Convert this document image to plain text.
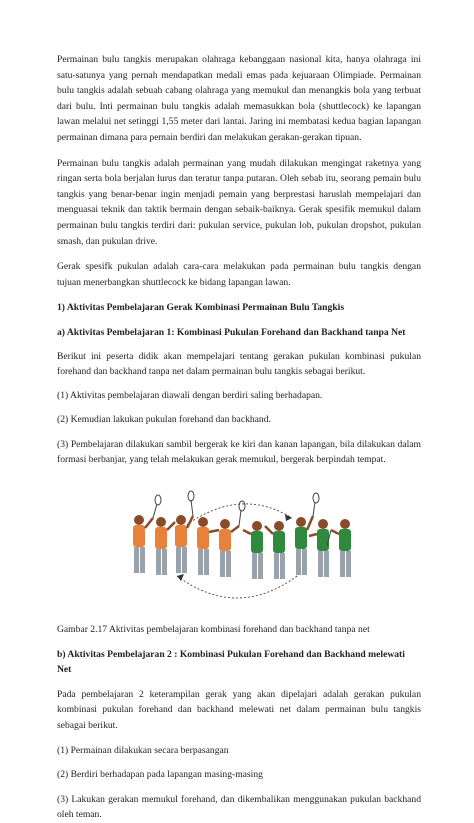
Permainan bulu tangkis merupakan olahraga kebanggaan nasional kita, hanya olahraga ini satu-satunya yang pernah mendapatkan medali emas pada kejuaraan Olimpiade. Permainan bulu tangkis adalah sebuah cabang olahraga yang memukul dan menangkis bola yang terbuat dari bulu. Inti permainan bulu tangkis adalah memasukkan bola (shuttlecock) ke lapangan lawan melalui net setinggi 1,55 meter dari lantai. Jaring ini membatasi kedua bagian lapangan permainan dimana para pemain berdiri dan melakukan gerakan-gerakan tipuan.

Permainan bulu tangkis adalah permainan yang mudah dilakukan mengingat raketnya yang ringan serta bola berjalan lurus dan teratur tanpa putaran. Oleh sebab itu, seorang pemain bulu tangkis yang benar-benar ingin menjadi pemain yang berprestasi haruslah mempelajari dan menguasai teknik dan taktik bermain dengan sebaik-baiknya. Gerak spesifik memukul dalam permainan bulu tangkis terdiri dari: pukulan service, pukulan lob, pukulan dropshot, pukulan smash, dan pukulan drive.

Gerak spesifk pukulan adalah cara-cara melakukan pada permainan bulu tangkis dengan tujuan menerbangkan shuttlecock ke bidang lapangan lawan.

1) Aktivitas Pembelajaran Gerak Kombinasi Permainan Bulu Tangkis

a) Aktivitas Pembelajaran 1: Kombinasi Pukulan Forehand dan Backhand tanpa Net

Berikut ini peserta didik akan mempelajari tentang gerakan pukulan kombinasi pukulan forehand dan backhand tanpa net dalam permainan bulu tangkis sebagai berikut.

(1) Aktivitas pembelajaran diawali dengan berdiri saling berhadapan.

(2) Kemudian lakukan pukulan forehand dan backhand.

(3) Pembelajaran dilakukan sambil bergerak ke kiri dan kanan lapangan, bila dilakukan dalam formasi berbanjar, yang telah melakukan gerak memukul, bergerak berpindah tempat.

Gambar 2.17 Aktivitas pembelajaran kombinasi forehand dan backhand tanpa net

b) Aktivitas Pembelajaran 2 : Kombinasi Pukulan Forehand dan Backhand melewati Net

Pada pembelajaran 2 keterampilan gerak yang akan dipelajari adalah gerakan pukulan kombinasi pukulan forehand dan backhand melewati net dalam permainan bulu tangkis sebagai berikut.

(1) Permainan dilakukan secara berpasangan

(2) Berdiri berhadapan pada lapangan masing-masing

(3) Lakukan gerakan memukul forehand, dan dikembalikan menggunakan pukulan backhand oleh teman.
